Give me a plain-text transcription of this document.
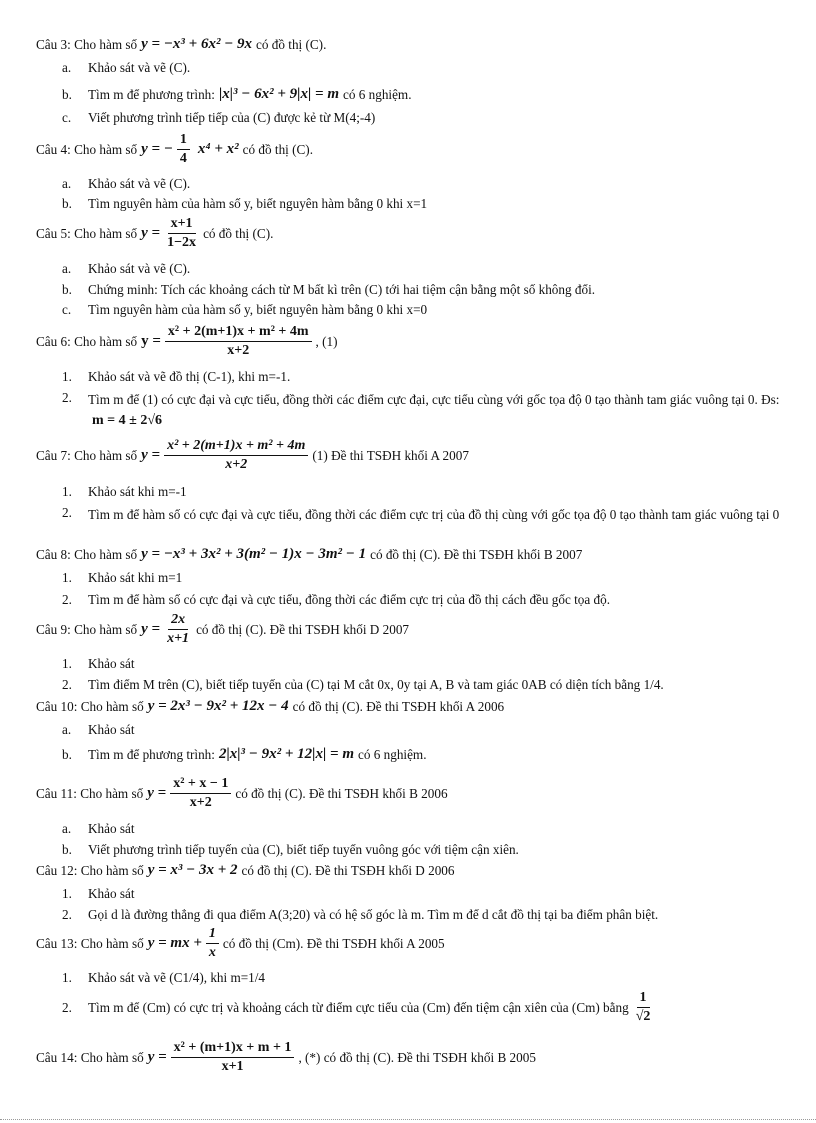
Câu 3: Cho hàm số y = −x³ + 6x² − 9x có đồ thị (C).
a.	Khảo sát và vẽ (C).
b.	Tìm m để phương trình: |x|³ − 6x² + 9|x| = m có 6 nghiệm.
c.	Viết phương trình tiếp tiếp của (C) được kẻ từ M(4;-4)
Câu 4: Cho hàm số y = − $\frac{1}{4} x^4 + x^2$ có đồ thị (C).
a.	Khảo sát và vẽ (C).
b.	Tìm nguyên hàm của hàm số y, biết nguyên hàm bằng 0 khi x=1
Câu 5: Cho hàm số $y = \frac{x+1}{1-2x}$ có đồ thị (C).
a.	Khảo sát và vẽ (C).
b.	Chứng minh: Tích các khoảng cách từ M bất kì trên (C) tới hai tiệm cận bằng một số không đổi.
c.	Tìm nguyên hàm của hàm số y, biết nguyên hàm bằng 0 khi x=0
Câu 6: Cho hàm số $y = \frac{\text{x² + 2(m+1)x + m² + 4m}}{x+2}$ , (1)
1.	Khảo sát và vẽ đồ thị (C-1), khi m=-1.
2.	Tìm m để (1) có cực đại và cực tiểu, đồng thời các điểm cực đại, cực tiểu cùng với gốc tọa độ 0 tạo thành tam giác vuông tại 0. Đs: m = 4 ± 2√6
Câu 7: Cho hàm số $y = \frac{\text{x² + 2(m+1)x + m² + 4m}}{x+2} (1)$ Đề thi TSĐH khối A 2007
1.	Khảo sát khi m=-1
2.	Tìm m để hàm số có cực đại và cực tiểu, đồng thời các điểm cực trị của đồ thị cùng với gốc tọa độ 0 tạo thành tam giác vuông tại 0
Câu 8: Cho hàm số y = −x³ + 3x² + 3(m² − 1)x − 3m² − 1 có đồ thị (C). Đề thi TSĐH khối B 2007
1.	Khảo sát khi m=1
2.	Tìm m để hàm số có cực đại và cực tiểu, đồng thời các điểm cực trị của đồ thị cách đều gốc tọa độ.
Câu 9: Cho hàm số $y = \frac{2x}{x+1}$ có đồ thị (C). Đề thi TSĐH khối D 2007
1.	Khảo sát
2.	Tìm điểm M trên (C), biết tiếp tuyến của (C) tại M cắt 0x, 0y tại A, B và tam giác 0AB có diện tích bằng 1/4.
Câu 10: Cho hàm số y = 2x³ − 9x² + 12x − 4 có đồ thị (C). Đề thi TSĐH khối A 2006
a.	Khảo sát
b.	Tìm m để phương trình: 2|x|³ − 9x² + 12|x| = m có 6 nghiệm.
Câu 11: Cho hàm số $y = \frac{\text{x² + x − 1}}{x+2}$ có đồ thị (C). Đề thi TSĐH khối B 2006
a.	Khảo sát
b.	Viết phương trình tiếp tuyến của (C), biết tiếp tuyến vuông góc với tiệm cận xiên.
Câu 12: Cho hàm số y = x³ − 3x + 2 có đồ thị (C). Đề thi TSĐH khối D 2006
1.	Khảo sát
2.	Gọi d là đường thẳng đi qua điểm A(3;20) và có hệ số góc là m. Tìm m để d cắt đồ thị tại ba điểm phân biệt.
Câu 13: Cho hàm số y = mx + $\frac{1}{x}$ có đồ thị (Cm). Đề thi TSĐH khối A 2005
1.	Khảo sát và vẽ (C1/4), khi m=1/4
2.	Tìm m để (Cm) có cực trị và khoảng cách từ điểm cực tiểu của (Cm) đến tiệm cận xiên của (Cm) bằng $\frac{1}{√2}$
Câu 14: Cho hàm số $y = \frac{\text{x² + (m+1)x + m + 1}}{x+1}$ , (*) có đồ thị (C). Đề thi TSĐH khối B 2005
